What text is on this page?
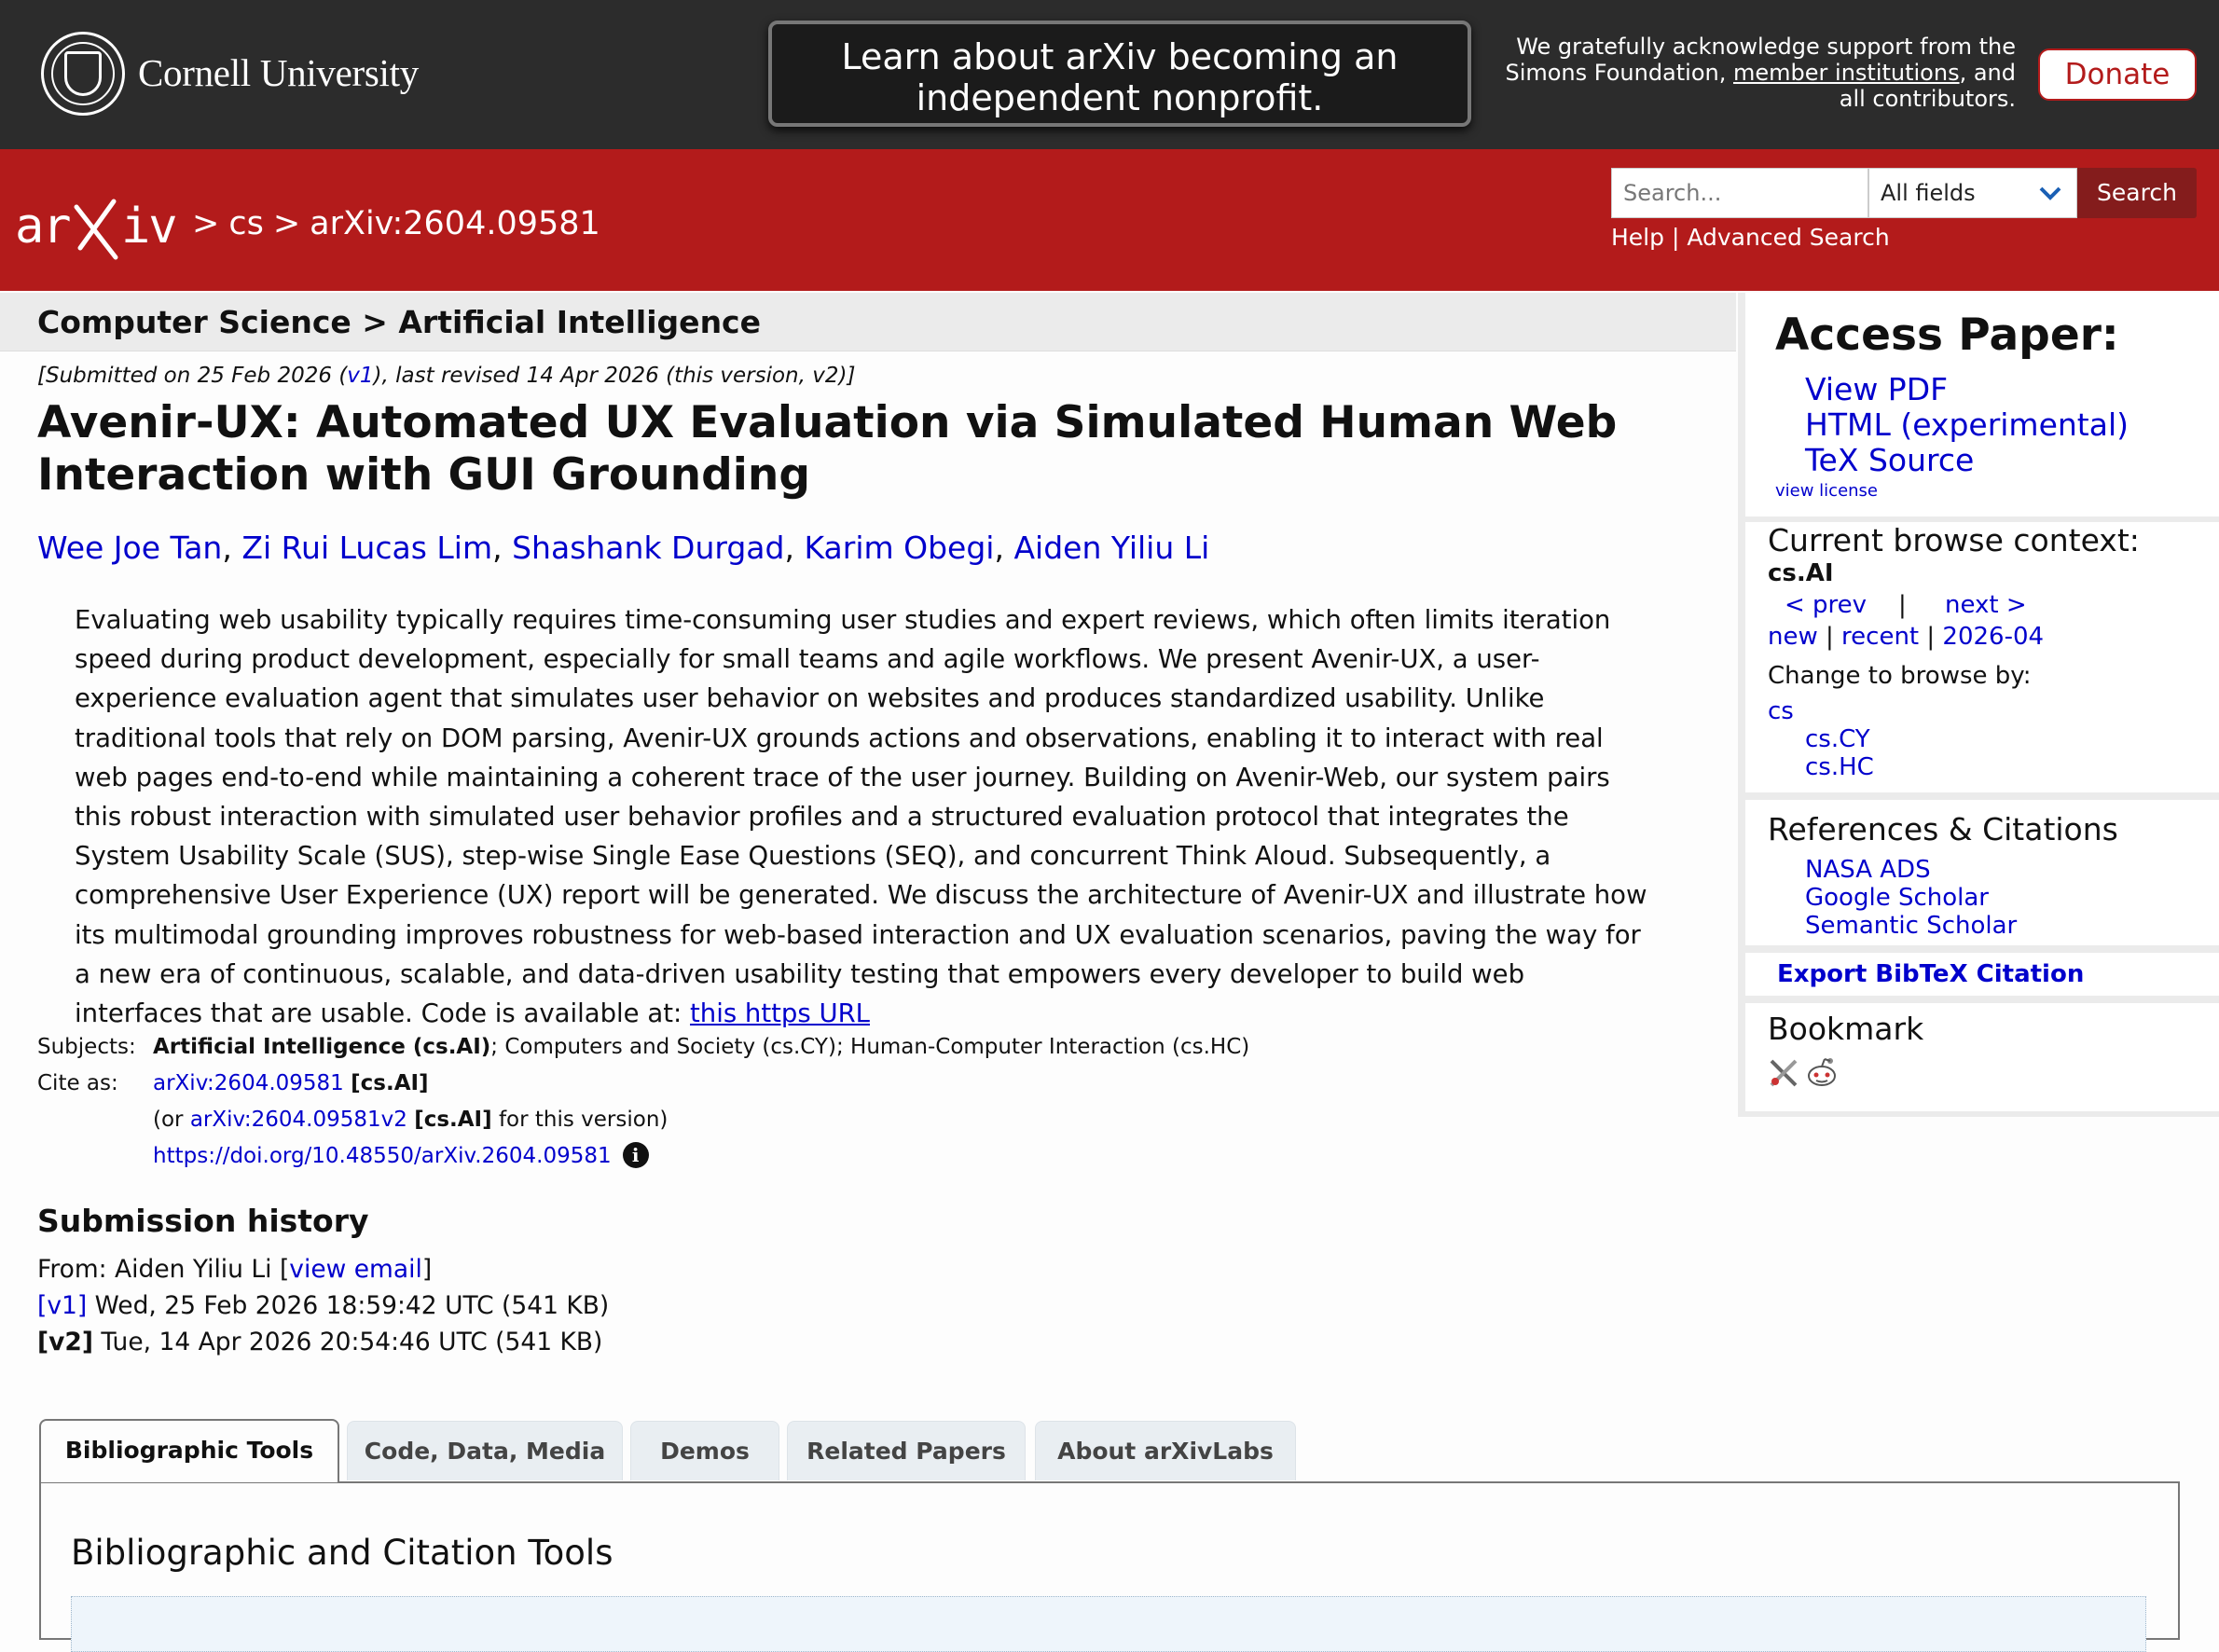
Cornell University	Learn about arXiv becoming an
independent nonprofit.
We gratefully acknowledge support from the
Simons Foundation, member institutions, and
all contributors.
Donate
ar iv > cs > arXiv:2604.09581
Search...
All fields	Search
Help | Advanced Search
Computer Science > Artificial Intelligence
[Submitted on 25 Feb 2026 (v1), last revised 14 Apr 2026 (this version, v2)]
Avenir-UX: Automated UX Evaluation via Simulated Human Web Interaction with GUI Grounding
Wee Joe Tan, Zi Rui Lucas Lim, Shashank Durgad, Karim Obegi, Aiden Yiliu Li
Evaluating web usability typically requires time-consuming user studies and expert reviews, which often limits iteration speed during product development, especially for small teams and agile workflows. We present Avenir-UX, a user-experience evaluation agent that simulates user behavior on websites and produces standardized usability. Unlike traditional tools that rely on DOM parsing, Avenir-UX grounds actions and observations, enabling it to interact with real web pages end-to-end while maintaining a coherent trace of the user journey. Building on Avenir-Web, our system pairs this robust interaction with simulated user behavior profiles and a structured evaluation protocol that integrates the System Usability Scale (SUS), step-wise Single Ease Questions (SEQ), and concurrent Think Aloud. Subsequently, a comprehensive User Experience (UX) report will be generated. We discuss the architecture of Avenir-UX and illustrate how its multimodal grounding improves robustness for web-based interaction and UX evaluation scenarios, paving the way for a new era of continuous, scalable, and data-driven usability testing that empowers every developer to build web interfaces that are usable. Code is available at: this https URL
Subjects:	Artificial Intelligence (cs.AI); Computers and Society (cs.CY); Human-Computer Interaction (cs.HC)
Cite as:	arXiv:2604.09581 [cs.AI]
	(or arXiv:2604.09581v2 [cs.AI] for this version)
	https://doi.org/10.48550/arXiv.2604.09581 i
Submission history
From: Aiden Yiliu Li [view email]
[v1] Wed, 25 Feb 2026 18:59:42 UTC (541 KB)
[v2] Tue, 14 Apr 2026 20:54:46 UTC (541 KB)
Bibliographic Tools	Code, Data, Media	Demos	Related Papers	About arXivLabs
Bibliographic and Citation Tools
Access Paper:
View PDF
HTML (experimental)
TeX Source
view license
Current browse context:
cs.AI
< prev | next >
new | recent | 2026-04
Change to browse by:
cs
cs.CY
cs.HC
References & Citations
NASA ADS
Google Scholar
Semantic Scholar
Export BibTeX Citation
Bookmark
